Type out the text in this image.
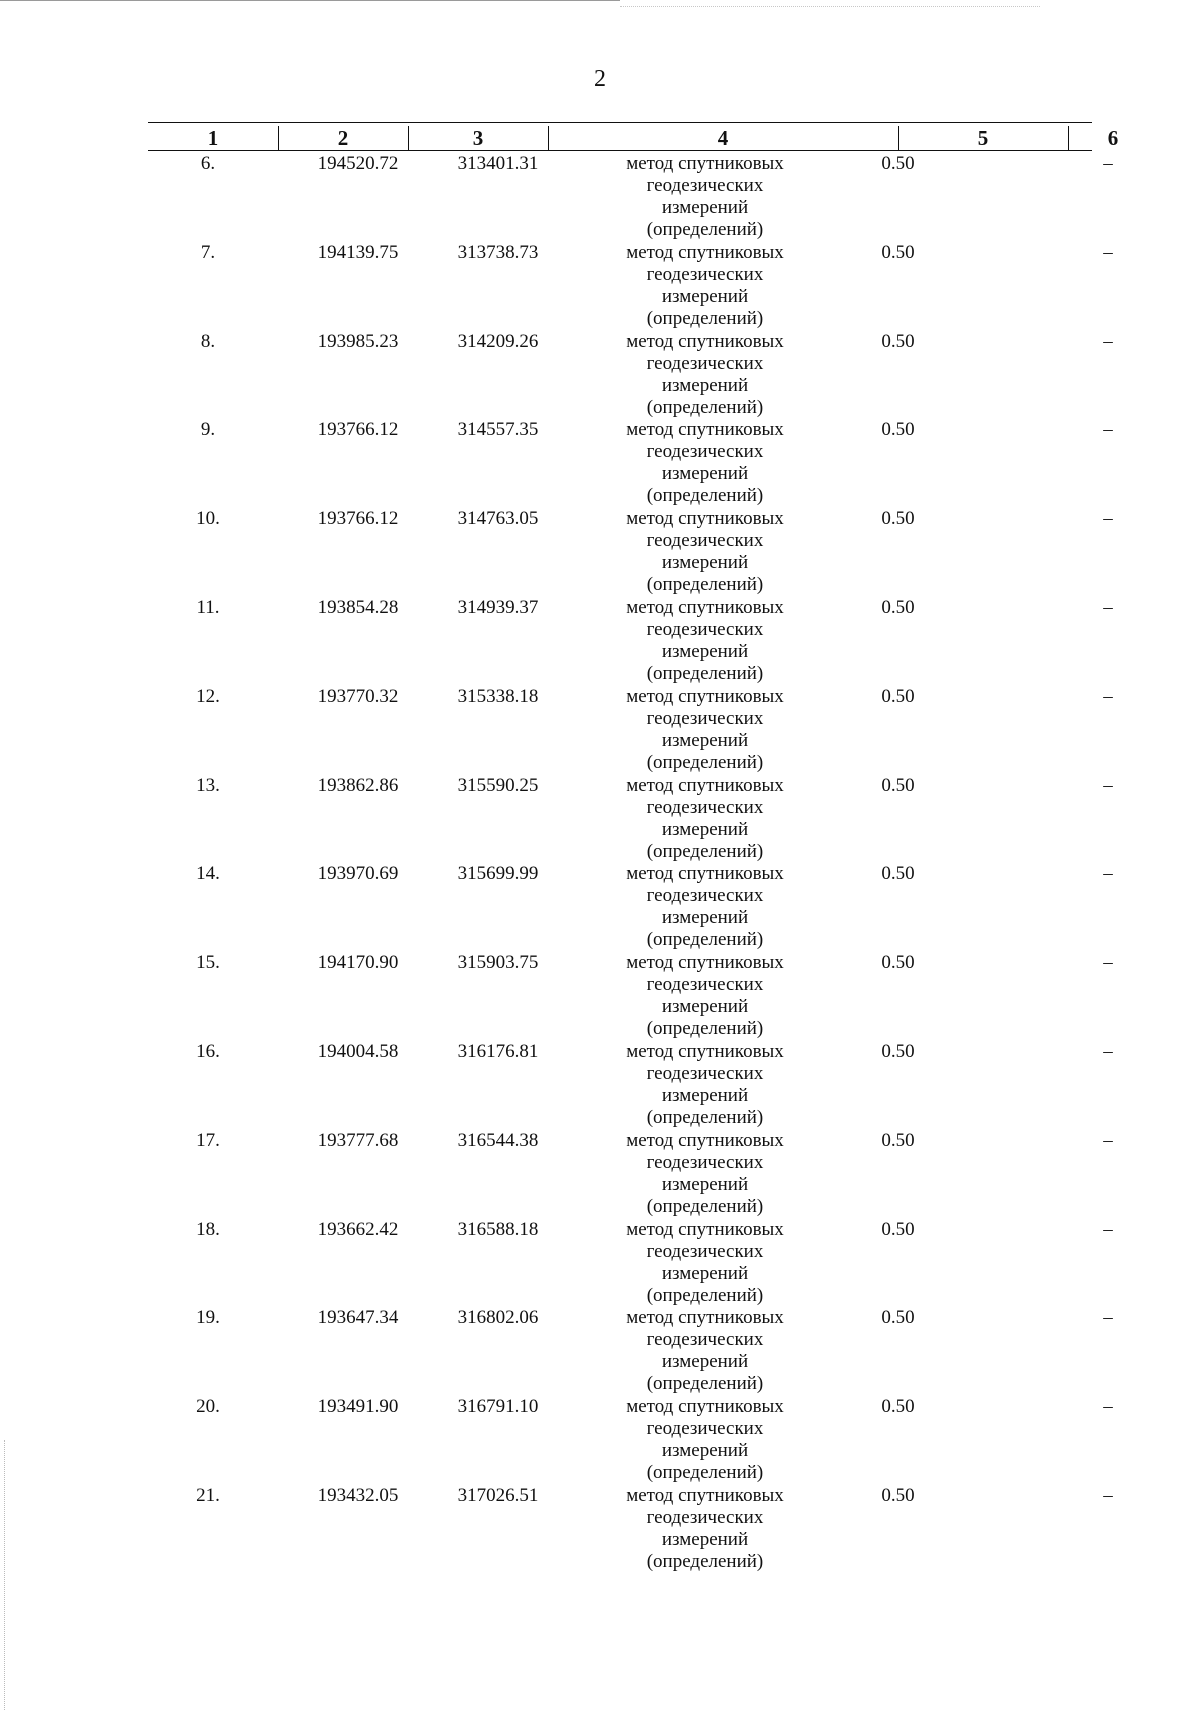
2
1	2	3	4	5	6
6.	194520.72	313401.31	метод спутниковых
геодезических
измерений
(определений)
0.50	–
7.	194139.75	313738.73	метод спутниковых
геодезических
измерений
(определений)
0.50	–
8.	193985.23	314209.26	метод спутниковых
геодезических
измерений
(определений)
0.50	–
9.	193766.12	314557.35	метод спутниковых
геодезических
измерений
(определений)
0.50	–
10.	193766.12	314763.05	метод спутниковых
геодезических
измерений
(определений)
0.50	–
11.	193854.28	314939.37	метод спутниковых
геодезических
измерений
(определений)
0.50	–
12.	193770.32	315338.18	метод спутниковых
геодезических
измерений
(определений)
0.50	–
13.	193862.86	315590.25	метод спутниковых
геодезических
измерений
(определений)
0.50	–
14.	193970.69	315699.99	метод спутниковых
геодезических
измерений
(определений)
0.50	–
15.	194170.90	315903.75	метод спутниковых
геодезических
измерений
(определений)
0.50	–
16.	194004.58	316176.81	метод спутниковых
геодезических
измерений
(определений)
0.50	–
17.	193777.68	316544.38	метод спутниковых
геодезических
измерений
(определений)
0.50	–
18.	193662.42	316588.18	метод спутниковых
геодезических
измерений
(определений)
0.50	–
19.	193647.34	316802.06	метод спутниковых
геодезических
измерений
(определений)
0.50	–
20.	193491.90	316791.10	метод спутниковых
геодезических
измерений
(определений)
0.50	–
21.	193432.05	317026.51	метод спутниковых
геодезических
измерений
(определений)
0.50	–
